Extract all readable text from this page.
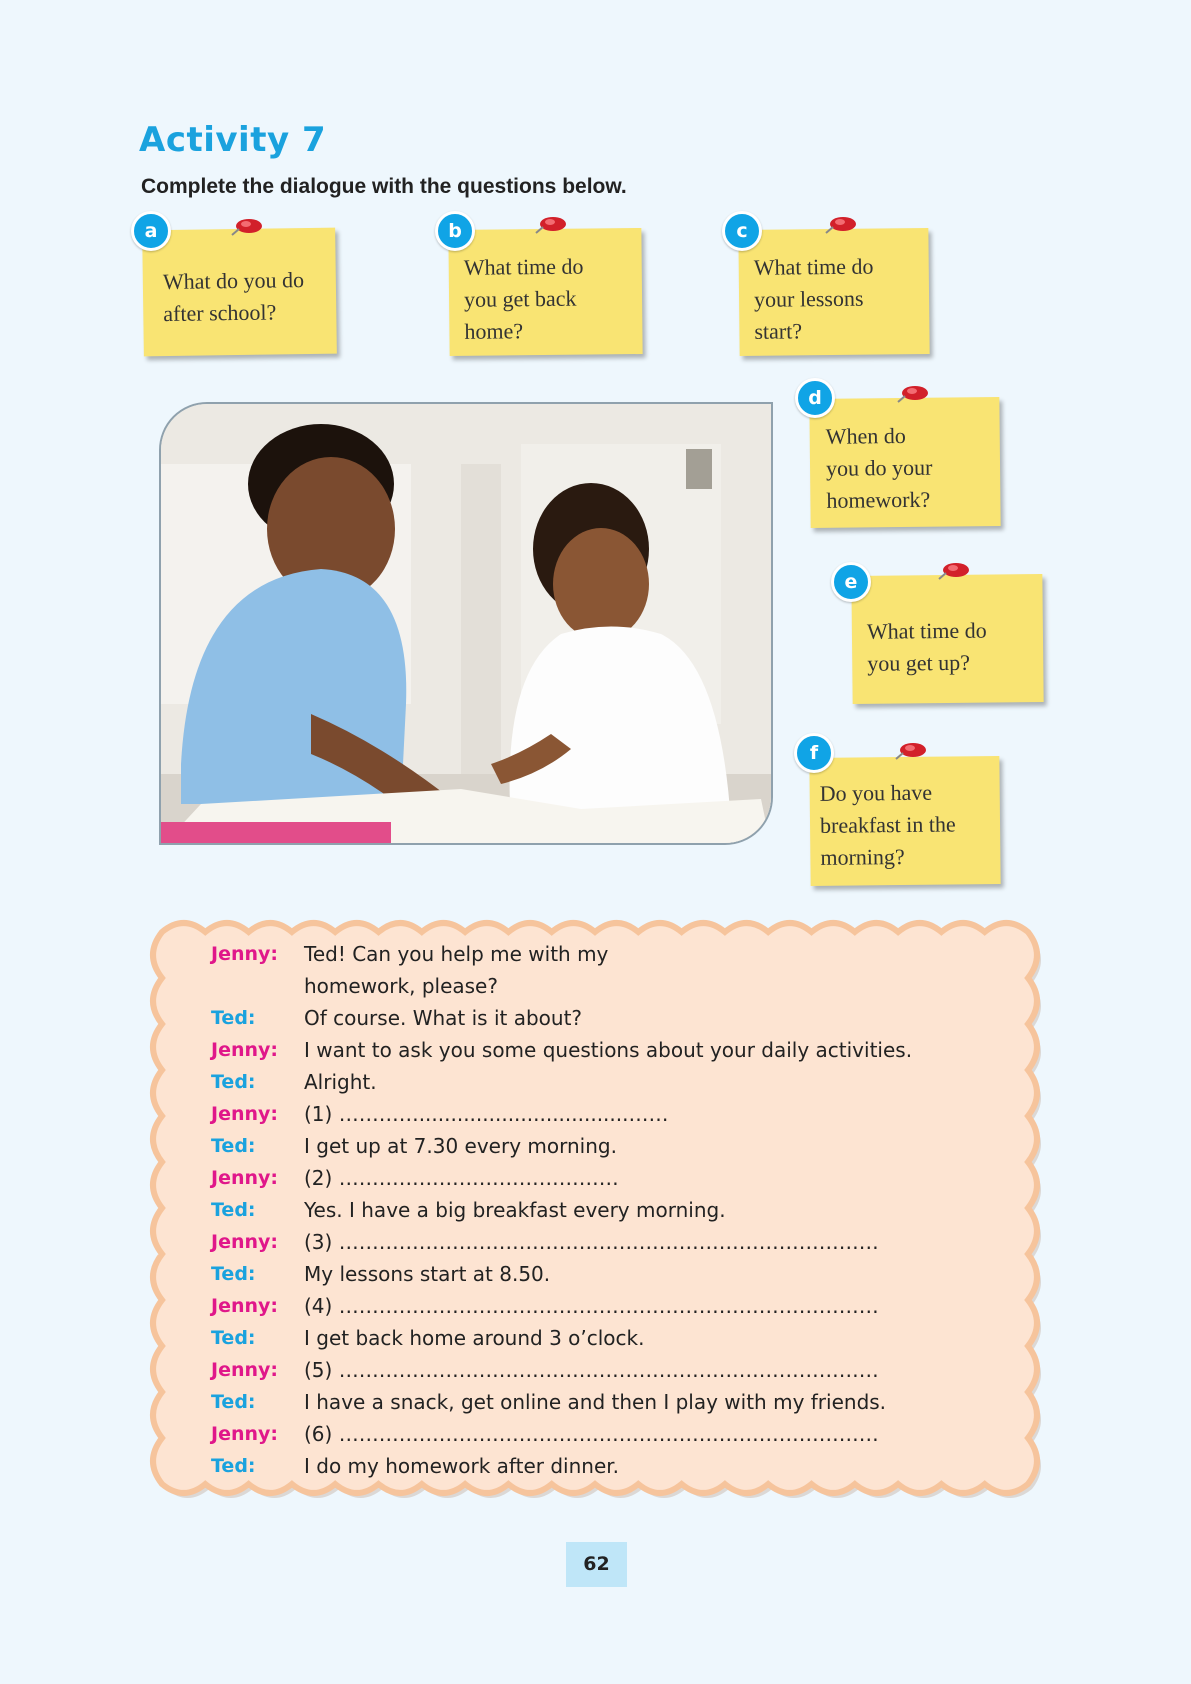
Activity 7
Complete the dialogue with the questions below.
What do you do
after school?
a
What time do
you get back
home?
b
What time do
your lessons
start?
c
When do
you do your
homework?
d
What time do
you get up?
e
Do you have
breakfast in the
morning?
f
Jenny:	Ted! Can you help me with my
homework, please?
Ted:	Of course. What is it about?
Jenny:	I want to ask you some questions about your daily activities.
Ted:	Alright.
Jenny:	(1) ………….................................……
Ted:	I get up at 7.30 every morning.
Jenny:	(2) ……………………………………
Ted:	Yes. I have a big breakfast every morning.
Jenny:	(3) ………………………………………………………………………
Ted:	My lessons start at 8.50.
Jenny:	(4) ………………………………………………………………………
Ted:	I get back home around 3 o’clock.
Jenny:	(5) ………………………………………………………………………
Ted:	I have a snack, get online and then I play with my friends.
Jenny:	(6) ………………………………………………………………………
Ted:	I do my homework after dinner.
62
